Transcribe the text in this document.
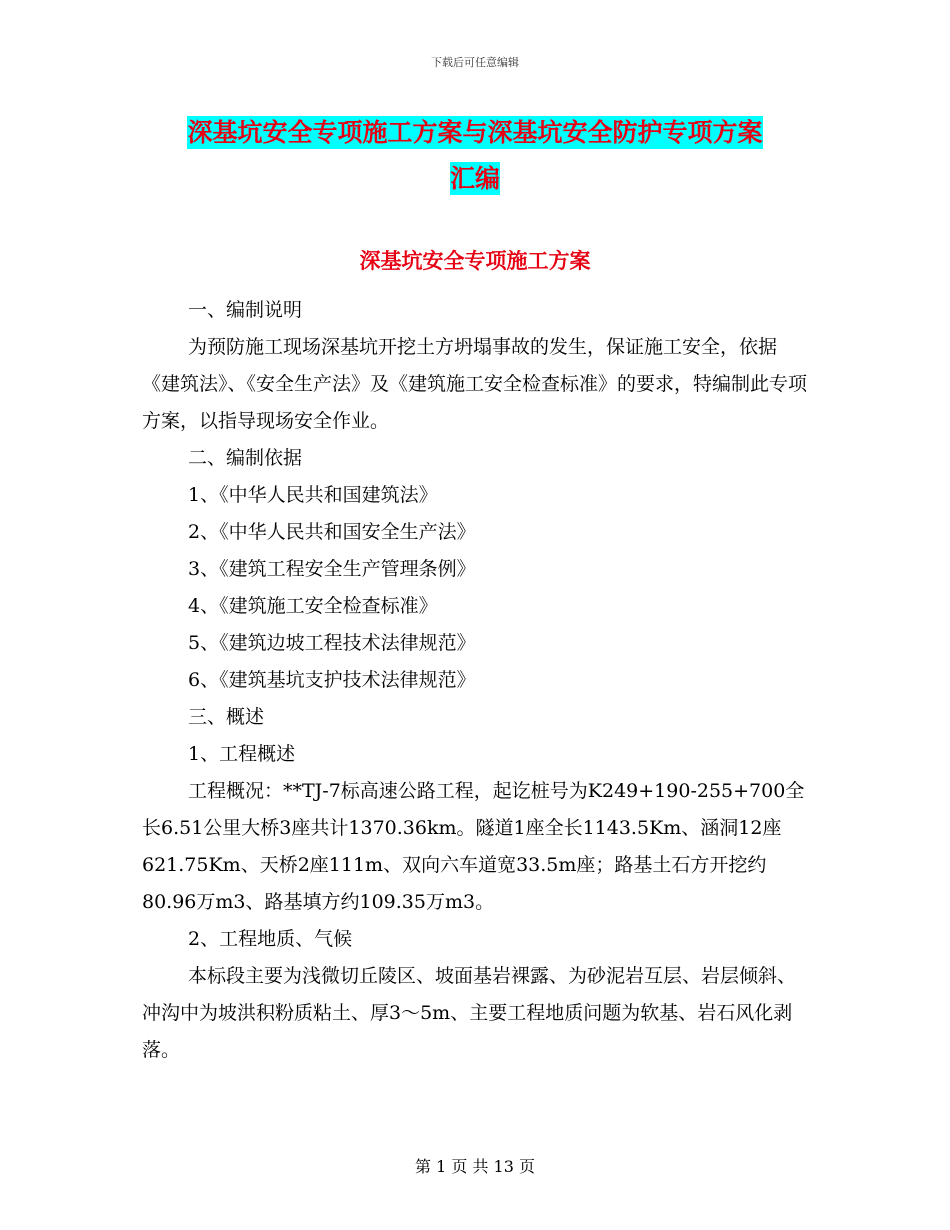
下载后可任意编辑
深基坑安全专项施工方案与深基坑安全防护专项方案
汇编
深基坑安全专项施工方案

一、编制说明

为预防施工现场深基坑开挖土方坍塌事故的发生，保证施工安全，依据《建筑法》、《安全生产法》及《建筑施工安全检查标准》的要求，特编制此专项方案，以指导现场安全作业。

二、编制依据

1、《中华人民共和国建筑法》

2、《中华人民共和国安全生产法》

3、《建筑工程安全生产管理条例》

4、《建筑施工安全检查标准》

5、《建筑边坡工程技术法律规范》

6、《建筑基坑支护技术法律规范》

三、概述

1、工程概述

工程概况：**TJ-7标高速公路工程，起讫桩号为K249+190-255+700全长6.51公里大桥3座共计1370.36km。隧道1座全长1143.5Km、涵洞12座621.75Km、天桥2座111m、双向六车道宽33.5m座；路基土石方开挖约80.96万m3、路基填方约109.35万m3。

2、工程地质、气候

本标段主要为浅微切丘陵区、坡面基岩裸露、为砂泥岩互层、岩层倾斜、冲沟中为坡洪积粉质粘土、厚3～5m、主要工程地质问题为软基、岩石风化剥落。

第 1 页 共 13 页
